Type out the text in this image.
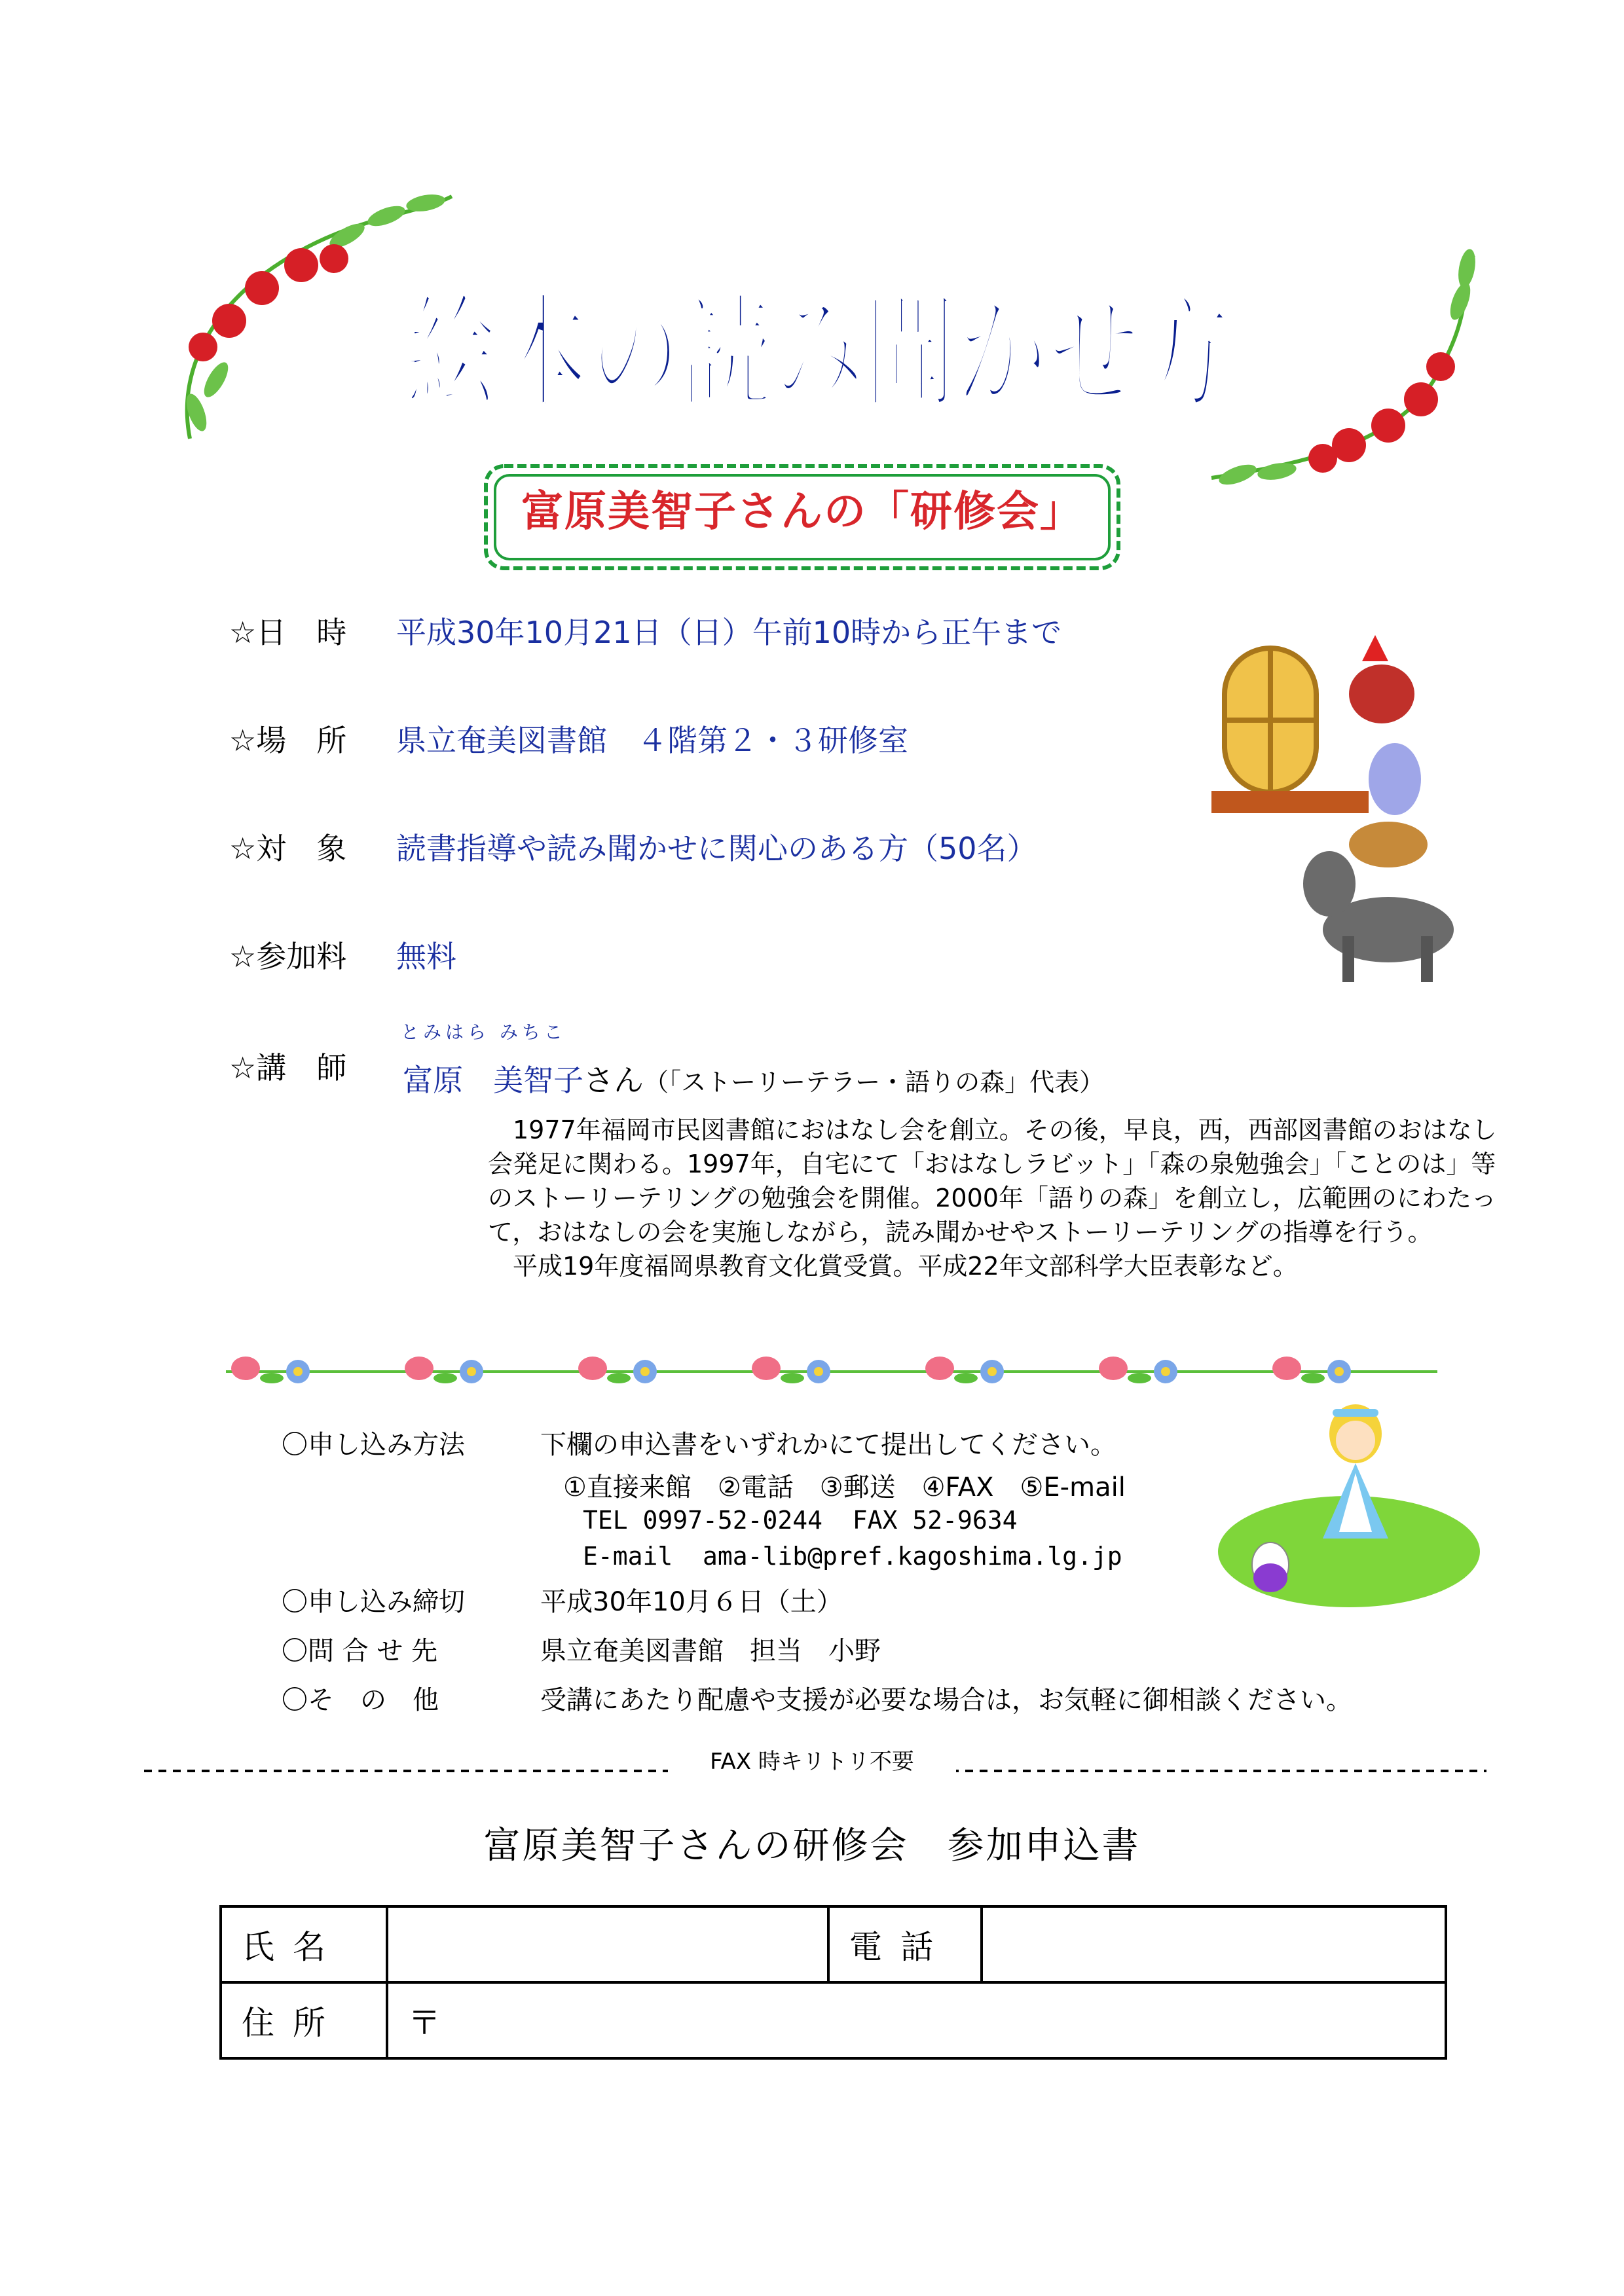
絵本の読み聞かせ方
富原美智子さんの「研修会」
☆日　時 平成30年10月21日（日）午前10時から正午まで
☆場　所 県立奄美図書館　４階第２・３研修室
☆対　象 読書指導や読み聞かせに関心のある方（50名）
☆参加料 無料
とみはら みちこ
☆講　師 富原　美智子さん（「ストーリーテラー・語りの森」代表）

　1977年福岡市民図書館におはなし会を創立。その後，早良，西，西部図書館のおはなし会発足に関わる。1997年，自宅にて「おはなしラビット」「森の泉勉強会」「ことのは」等のストーリーテリングの勉強会を開催。2000年「語りの森」を創立し，広範囲のにわたって，おはなしの会を実施しながら，読み聞かせやストーリーテリングの指導を行う。

　平成19年度福岡県教育文化賞受賞。平成22年文部科学大臣表彰など。

〇申し込み方法	下欄の申込書をいずれかにて提出してください。
①直接来館　②電話　③郵送　④FAX　⑤E-mail
TEL 0997-52-0244  FAX 52-9634
E-mail  ama-lib@pref.kagoshima.lg.jp
〇申し込み締切	平成30年10月６日（土）
〇問 合 せ 先	県立奄美図書館　担当　小野
〇そ　の　他	受講にあたり配慮や支援が必要な場合は，お気軽に御相談ください。
FAX 時キリトリ不要
富原美智子さんの研修会　参加申込書
氏名		電話	
住所	〒		
